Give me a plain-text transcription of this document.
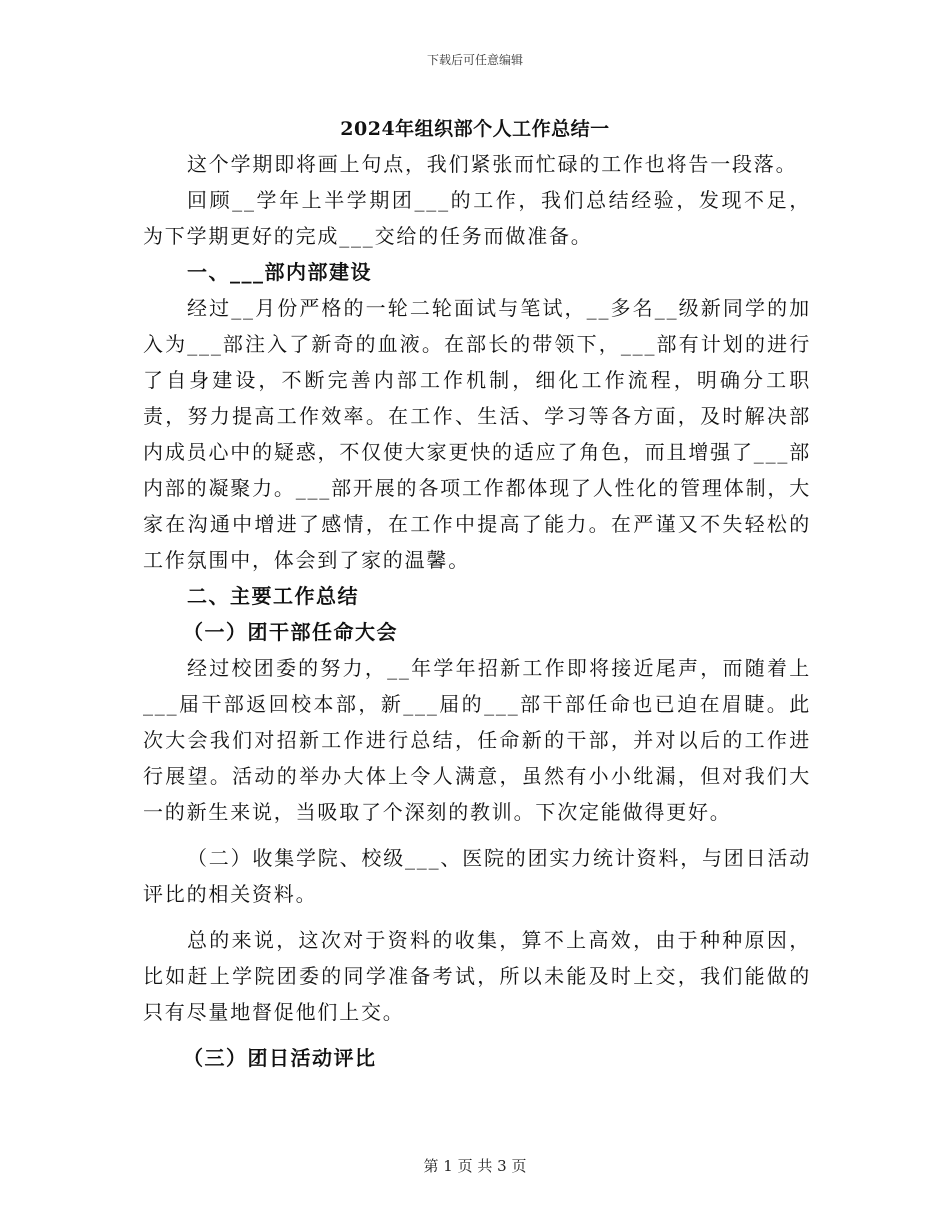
下载后可任意编辑
2024年组织部个人工作总结一

这个学期即将画上句点，我们紧张而忙碌的工作也将告一段落。

回顾__学年上半学期团___的工作，我们总结经验，发现不足，为下学期更好的完成___交给的任务而做准备。

一、___部内部建设

经过__月份严格的一轮二轮面试与笔试，__多名__级新同学的加入为___部注入了新奇的血液。在部长的带领下，___部有计划的进行了自身建设，不断完善内部工作机制，细化工作流程，明确分工职责，努力提高工作效率。在工作、生活、学习等各方面，及时解决部内成员心中的疑惑，不仅使大家更快的适应了角色，而且增强了___部内部的凝聚力。___部开展的各项工作都体现了人性化的管理体制，大家在沟通中增进了感情，在工作中提高了能力。在严谨又不失轻松的工作氛围中，体会到了家的温馨。

二、主要工作总结

（一）团干部任命大会

经过校团委的努力，__年学年招新工作即将接近尾声，而随着上___届干部返回校本部，新___届的___部干部任命也已迫在眉睫。此次大会我们对招新工作进行总结，任命新的干部，并对以后的工作进行展望。活动的举办大体上令人满意，虽然有小小纰漏，但对我们大一的新生来说，当吸取了个深刻的教训。下次定能做得更好。

（二）收集学院、校级___、医院的团实力统计资料，与团日活动评比的相关资料。

总的来说，这次对于资料的收集，算不上高效，由于种种原因，比如赶上学院团委的同学准备考试，所以未能及时上交，我们能做的只有尽量地督促他们上交。

（三）团日活动评比

第 1 页 共 3 页
